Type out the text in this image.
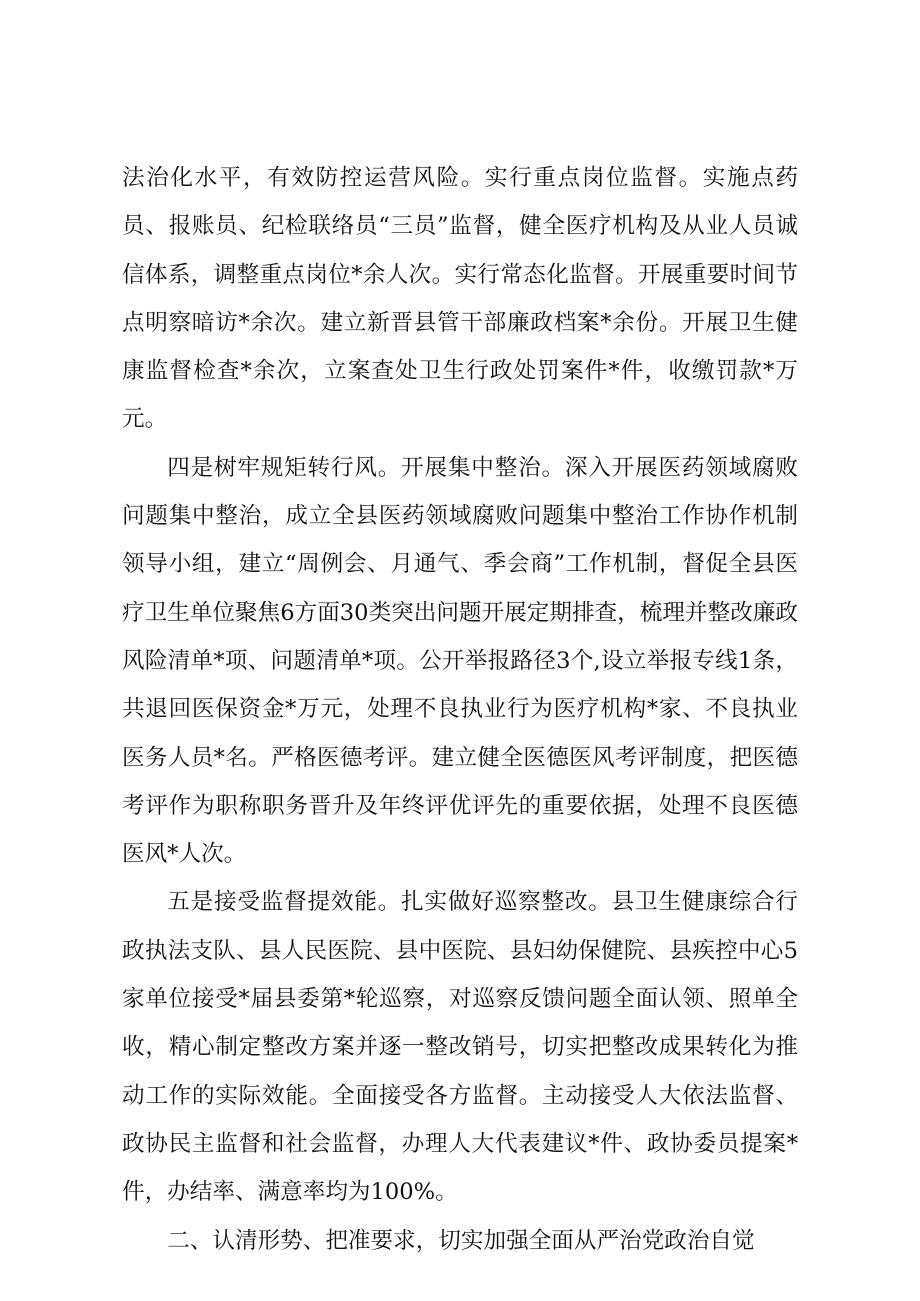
法治化水平，有效防控运营风险。实行重点岗位监督。实施点药员、报账员、纪检联络员“三员”监督，健全医疗机构及从业人员诚信体系，调整重点岗位*余人次。实行常态化监督。开展重要时间节点明察暗访*余次。建立新晋县管干部廉政档案*余份。开展卫生健康监督检查*余次，立案查处卫生行政处罚案件*件，收缴罚款*万元。

四是树牢规矩转行风。开展集中整治。深入开展医药领域腐败问题集中整治，成立全县医药领域腐败问题集中整治工作协作机制领导小组，建立“周例会、月通气、季会商”工作机制，督促全县医疗卫生单位聚焦6方面30类突出问题开展定期排查，梳理并整改廉政风险清单*项、问题清单*项。公开举报路径3个,设立举报专线1条，共退回医保资金*万元，处理不良执业行为医疗机构*家、不良执业医务人员*名。严格医德考评。建立健全医德医风考评制度，把医德考评作为职称职务晋升及年终评优评先的重要依据，处理不良医德医风*人次。

五是接受监督提效能。扎实做好巡察整改。县卫生健康综合行政执法支队、县人民医院、县中医院、县妇幼保健院、县疾控中心5家单位接受*届县委第*轮巡察，对巡察反馈问题全面认领、照单全收，精心制定整改方案并逐一整改销号，切实把整改成果转化为推动工作的实际效能。全面接受各方监督。主动接受人大依法监督、政协民主监督和社会监督，办理人大代表建议*件、政协委员提案*件，办结率、满意率均为100%。

二、认清形势、把准要求，切实加强全面从严治党政治自觉
